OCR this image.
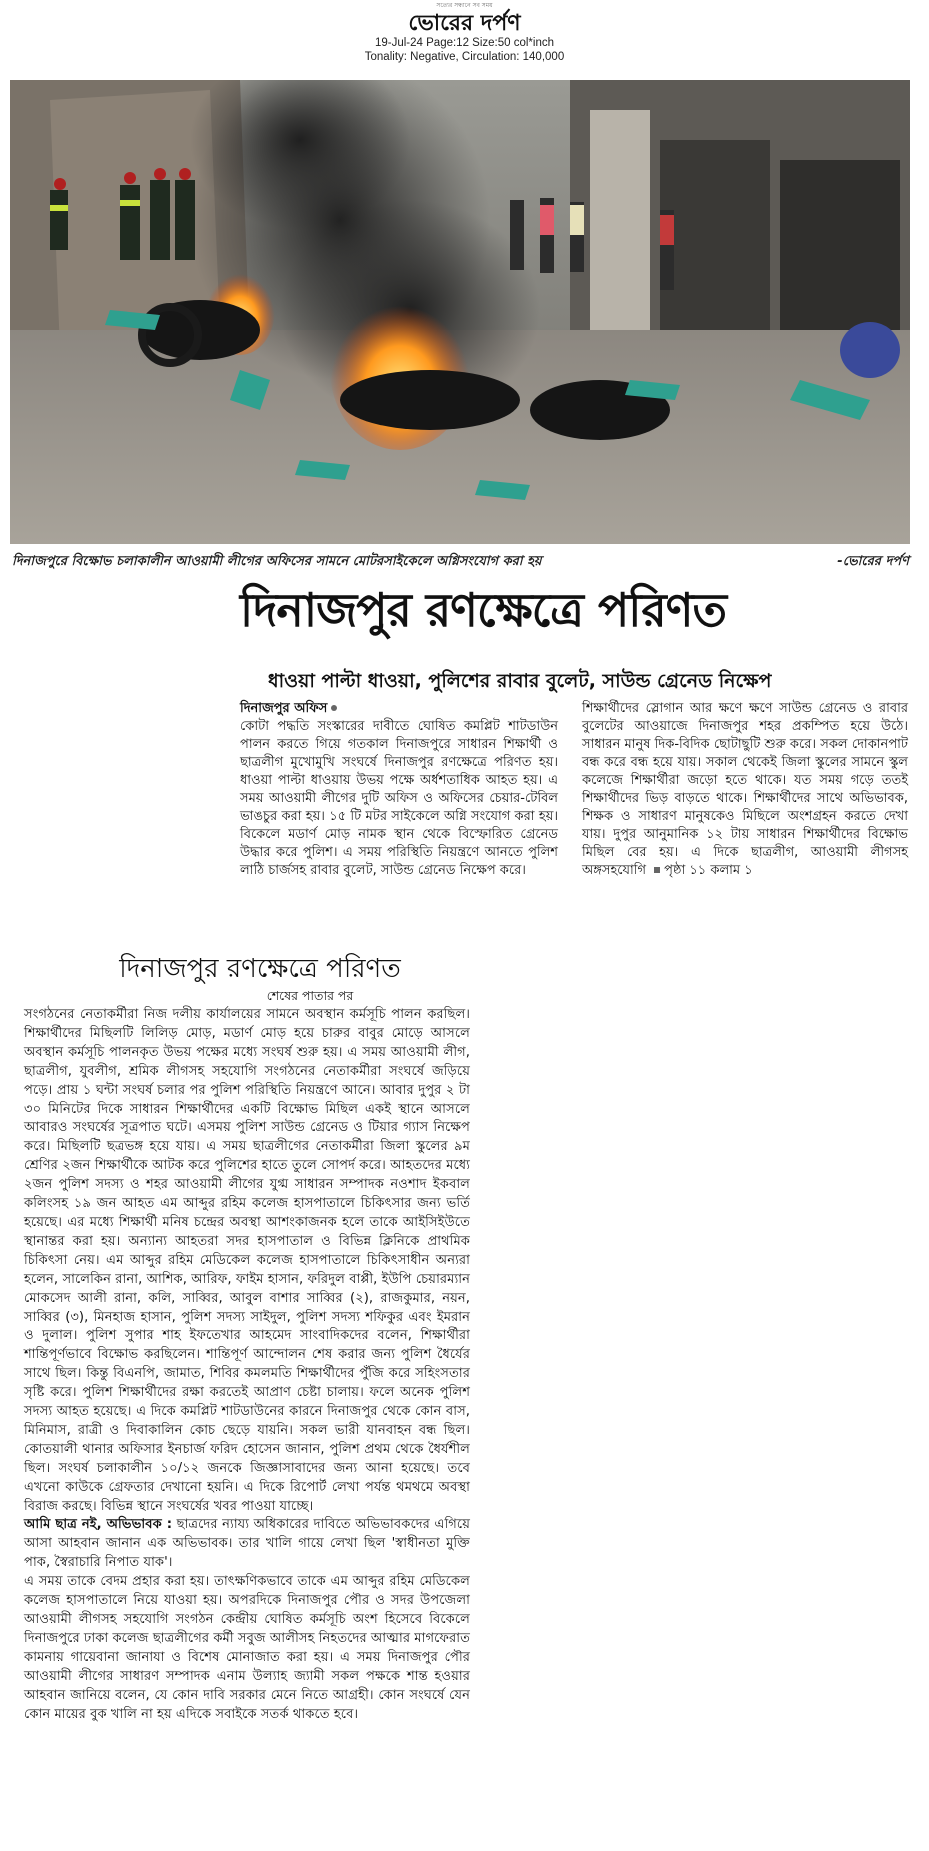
সত্যের সন্ধানে সব সময়
ভোরের দর্পণ
19-Jul-24 Page:12 Size:50 col*inch
Tonality: Negative, Circulation: 140,000
দিনাজপুরে বিক্ষোভ চলাকালীন আওয়ামী লীগের অফিসের সামনে মোটরসাইকেলে অগ্নিসংযোগ করা হয়	-ভোরের দর্পণ
দিনাজপুর রণক্ষেত্রে পরিণত
ধাওয়া পাল্টা ধাওয়া, পুলিশের রাবার বুলেট, সাউন্ড গ্রেনেড নিক্ষেপ
দিনাজপুর অফিস
কোটা পদ্ধতি সংস্কারের দাবীতে ঘোষিত কমপ্লিট শাটডাউন পালন করতে গিয়ে গতকাল দিনাজপুরে সাধারন শিক্ষার্থী ও ছাত্রলীগ মুখোমুখি সংঘর্ষে দিনাজপুর রণক্ষেত্রে পরিণত হয়। ধাওয়া পাল্টা ধাওয়ায় উভয় পক্ষে অর্ধশতাধিক আহত হয়। এ সময় আওয়ামী লীগের দুটি অফিস ও অফিসের চেয়ার-টেবিল ভাঙচুর করা হয়। ১৫ টি মটর সাইকেলে অগ্নি সংযোগ করা হয়। বিকেলে মডার্ণ মোড় নামক স্থান থেকে বিস্ফোরিত গ্রেনেড উদ্ধার করে পুলিশ। এ সময় পরিস্থিতি নিয়ন্ত্রণে আনতে পুলিশ লাঠি চার্জসহ রাবার বুলেট, সাউন্ড গ্রেনেড নিক্ষেপ করে।
শিক্ষার্থীদের স্লোগান আর ক্ষণে ক্ষণে সাউন্ড গ্রেনেড ও রাবার বুলেটের আওয়াজে দিনাজপুর শহর প্রকম্পিত হয়ে উঠে। সাধারন মানুষ দিক-বিদিক ছোটাছুটি শুরু করে। সকল দোকানপাট বন্ধ করে বন্ধ হয়ে যায়। সকাল থেকেই জিলা স্কুলের সামনে স্কুল কলেজে শিক্ষার্থীরা জড়ো হতে থাকে। যত সময় গড়ে ততই শিক্ষার্থীদের ভিড় বাড়তে থাকে। শিক্ষার্থীদের সাথে অভিভাবক, শিক্ষক ও সাধারণ মানুষকেও মিছিলে অংশগ্রহন করতে দেখা যায়। দুপুর আনুমানিক ১২ টায় সাধারন শিক্ষার্থীদের বিক্ষোভ মিছিল বের হয়। এ দিকে ছাত্রলীগ, আওয়ামী লীগসহ অঙ্গসহযোগি পৃষ্ঠা ১১ কলাম ১
দিনাজপুর রণক্ষেত্রে পরিণত
শেষের পাতার পর

সংগঠনের নেতাকর্মীরা নিজ দলীয় কার্যালয়ের সামনে অবস্থান কর্মসূচি পালন করছিল। শিক্ষার্থীদের মিছিলটি লিলিড় মোড়, মডার্ণ মোড় হয়ে চারুর বাবুর মোড়ে আসলে অবস্থান কর্মসূচি পালনকৃত উভয় পক্ষের মধ্যে সংঘর্ষ শুরু হয়। এ সময় আওয়ামী লীগ, ছাত্রলীগ, যুবলীগ, শ্রমিক লীগসহ সহযোগি সংগঠনের নেতাকর্মীরা সংঘর্ষে জড়িয়ে পড়ে। প্রায় ১ ঘন্টা সংঘর্ষ চলার পর পুলিশ পরিস্থিতি নিয়ন্ত্রণে আনে। আবার দুপুর ২ টা ৩০ মিনিটের দিকে সাধারন শিক্ষার্থীদের একটি বিক্ষোভ মিছিল একই স্থানে আসলে আবারও সংঘর্ষের সূত্রপাত ঘটে। এসময় পুলিশ সাউন্ড গ্রেনেড ও টিয়ার গ্যাস নিক্ষেপ করে। মিছিলটি ছত্রভঙ্গ হয়ে যায়। এ সময় ছাত্রলীগের নেতাকর্মীরা জিলা স্কুলের ৯ম শ্রেণির ২জন শিক্ষার্থীকে আটক করে পুলিশের হাতে তুলে সোপর্দ করে। আহতদের মধ্যে ২জন পুলিশ সদস্য ও শহর আওয়ামী লীগের যুগ্ম সাধারন সম্পাদক নওশাদ ইকবাল কলিংসহ ১৯ জন আহত এম আব্দুর রহিম কলেজ হাসপাতালে চিকিৎসার জন্য ভর্তি হয়েছে। এর মধ্যে শিক্ষার্থী মনিষ চন্দ্রের অবস্থা আশংকাজনক হলে তাকে আইসিইউতে স্থানান্তর করা হয়। অন্যান্য আহতরা সদর হাসপাতাল ও বিভিন্ন ক্লিনিকে প্রাথমিক চিকিৎসা নেয়। এম আব্দুর রহিম মেডিকেল কলেজ হাসপাতালে চিকিৎসাধীন অন্যরা হলেন, সালেকিন রানা, আশিক, আরিফ, ফাইম হাসান, ফরিদুল বাপ্পী, ইউপি চেয়ারম্যান মোকসেদ আলী রানা, কলি, সাব্বির, আবুল বাশার সাব্বির (২), রাজকুমার, নয়ন, সাব্বির (৩), মিনহাজ হাসান, পুলিশ সদস্য সাইদুল, পুলিশ সদস্য শফিকুর এবং ইমরান ও দুলাল। পুলিশ সুপার শাহ ইফতেখার আহমেদ সাংবাদিকদের বলেন, শিক্ষার্থীরা শান্তিপূর্ণভাবে বিক্ষোভ করছিলেন। শান্তিপূর্ণ আন্দোলন শেষ করার জন্য পুলিশ ধৈর্যের সাথে ছিল। কিন্তু বিএনপি, জামাত, শিবির কমলমতি শিক্ষার্থীদের পুঁজি করে সহিংসতার সৃষ্টি করে। পুলিশ শিক্ষার্থীদের রক্ষা করতেই আপ্রাণ চেষ্টা চালায়। ফলে অনেক পুলিশ সদস্য আহত হয়েছে। এ দিকে কমপ্লিট শাটডাউনের কারনে দিনাজপুর থেকে কোন বাস, মিনিমাস, রাত্রী ও দিবাকালিন কোচ ছেড়ে যায়নি। সকল ভারী যানবাহন বন্ধ ছিল। কোতয়ালী থানার অফিসার ইনচার্জ ফরিদ হোসেন জানান, পুলিশ প্রথম থেকে ধৈর্যশীল ছিল। সংঘর্ষ চলাকালীন ১০/১২ জনকে জিজ্ঞাসাবাদের জন্য আনা হয়েছে। তবে এখনো কাউকে গ্রেফতার দেখানো হয়নি। এ দিকে রিপোর্ট লেখা পর্যন্ত থমথমে অবস্থা বিরাজ করছে। বিভিন্ন স্থানে সংঘর্ষের খবর পাওয়া যাচ্ছে।

আমি ছাত্র নই, অভিভাবক : ছাত্রদের ন্যায্য অধিকারের দাবিতে অভিভাবকদের এগিয়ে আসা আহবান জানান এক অভিভাবক। তার খালি গায়ে লেখা ছিল 'স্বাধীনতা মুক্তি পাক, স্বৈরাচারি নিপাত যাক'।

এ সময় তাকে বেদম প্রহার করা হয়। তাৎক্ষণিকভাবে তাকে এম আব্দুর রহিম মেডিকেল কলেজ হাসপাতালে নিয়ে যাওয়া হয়। অপরদিকে দিনাজপুর পৌর ও সদর উপজেলা আওয়ামী লীগসহ সহযোগি সংগঠন কেন্দ্রীয় ঘোষিত কর্মসূচি অংশ হিসেবে বিকেলে দিনাজপুরে ঢাকা কলেজ ছাত্রলীগের কর্মী সবুজ আলীসহ নিহতদের আত্মার মাগফেরাত কামনায় গায়েবানা জানাযা ও বিশেষ মোনাজাত করা হয়। এ সময় দিনাজপুর পৌর আওয়ামী লীগের সাধারণ সম্পাদক এনাম উল্যাহ জ্যামী সকল পক্ষকে শান্ত হওয়ার আহবান জানিয়ে বলেন, যে কোন দাবি সরকার মেনে নিতে আগ্রহী। কোন সংঘর্ষে যেন কোন মায়ের বুক খালি না হয় এদিকে সবাইকে সতর্ক থাকতে হবে।
